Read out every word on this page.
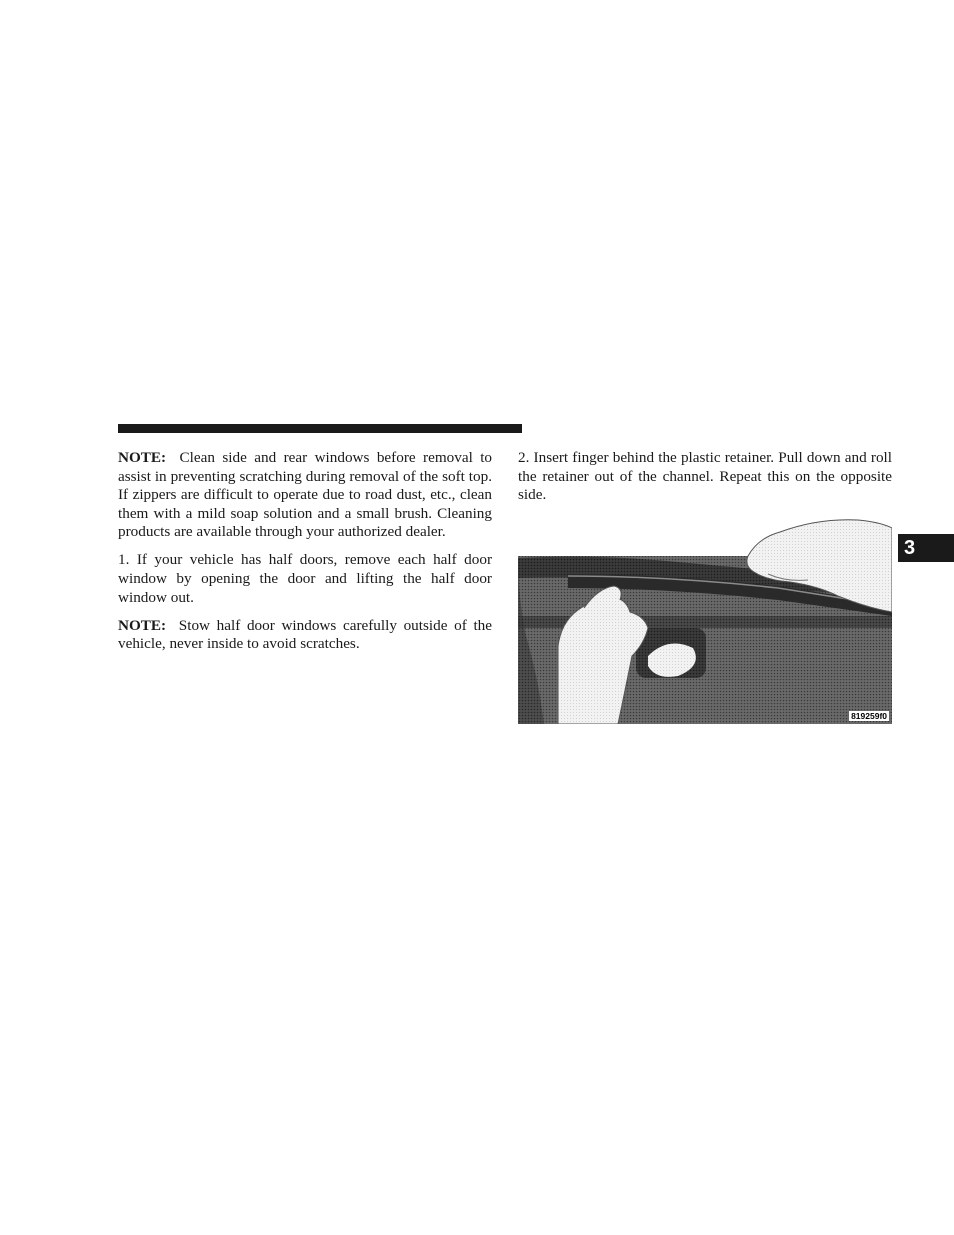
NOTE: Clean side and rear windows before removal to assist in preventing scratching during removal of the soft top. If zippers are difficult to operate due to road dust, etc., clean them with a mild soap solution and a small brush. Cleaning products are available through your authorized dealer.

1. If your vehicle has half doors, remove each half door window by opening the door and lifting the half door window out.

NOTE: Stow half door windows carefully outside of the vehicle, never inside to avoid scratches.

2. Insert finger behind the plastic retainer. Pull down and roll the retainer out of the channel. Repeat this on the opposite side.

819259f0
3
